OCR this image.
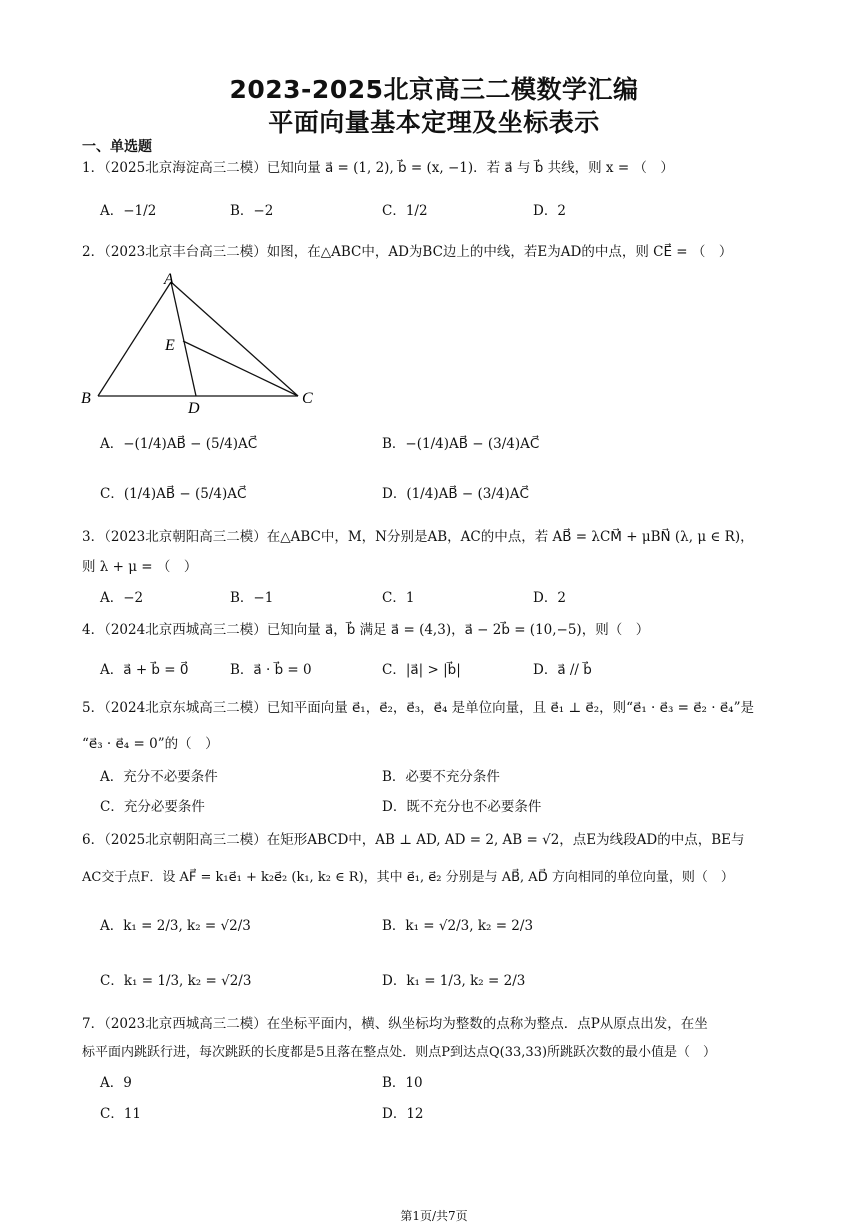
2023-2025北京高三二模数学汇编
平面向量基本定理及坐标表示
一、单选题
1．（2025北京海淀高三二模）已知向量 a⃗ = (1, 2), b⃗ = (x, −1)．若 a⃗ 与 b⃗ 共线，则 x = （　）
A．−1/2	B．−2	C．1/2	D．2
2．（2023北京丰台高三二模）如图，在△ABC中，AD为BC边上的中线，若E为AD的中点，则 CE⃗ = （　）
A
B	C
D
E
A．−(1/4)AB⃗ − (5/4)AC⃗	B．−(1/4)AB⃗ − (3/4)AC⃗
C．(1/4)AB⃗ − (5/4)AC⃗	D．(1/4)AB⃗ − (3/4)AC⃗
3．（2023北京朝阳高三二模）在△ABC中，M，N分别是AB，AC的中点，若 AB⃗ = λCM⃗ + μBN⃗ (λ, μ ∈ R)，
则 λ + μ = （　）
A．−2	B．−1	C．1	D．2
4．（2024北京西城高三二模）已知向量 a⃗，b⃗ 满足 a⃗ = (4,3)，a⃗ − 2b⃗ = (10,−5)，则（　）
A．a⃗ + b⃗ = 0⃗	B．a⃗ · b⃗ = 0	C．|a⃗| > |b⃗|	D．a⃗ // b⃗
5．（2024北京东城高三二模）已知平面向量 e⃗₁，e⃗₂，e⃗₃，e⃗₄ 是单位向量，且 e⃗₁ ⊥ e⃗₂，则“e⃗₁ · e⃗₃ = e⃗₂ · e⃗₄”是
“e⃗₃ · e⃗₄ = 0”的（　）
A．充分不必要条件	B．必要不充分条件
C．充分必要条件	D．既不充分也不必要条件
6．（2025北京朝阳高三二模）在矩形ABCD中，AB ⊥ AD, AD = 2, AB = √2，点E为线段AD的中点，BE与
AC交于点F．设 AF⃗ = k₁e⃗₁ + k₂e⃗₂ (k₁, k₂ ∈ R)，其中 e⃗₁, e⃗₂ 分别是与 AB⃗, AD⃗ 方向相同的单位向量，则（　）
A．k₁ = 2/3, k₂ = √2/3	B．k₁ = √2/3, k₂ = 2/3
C．k₁ = 1/3, k₂ = √2/3	D．k₁ = 1/3, k₂ = 2/3
7．（2023北京西城高三二模）在坐标平面内，横、纵坐标均为整数的点称为整点．点P从原点出发，在坐
标平面内跳跃行进，每次跳跃的长度都是5且落在整点处．则点P到达点Q(33,33)所跳跃次数的最小值是（　）
A．9	B．10
C．11	D．12
第1页/共7页
